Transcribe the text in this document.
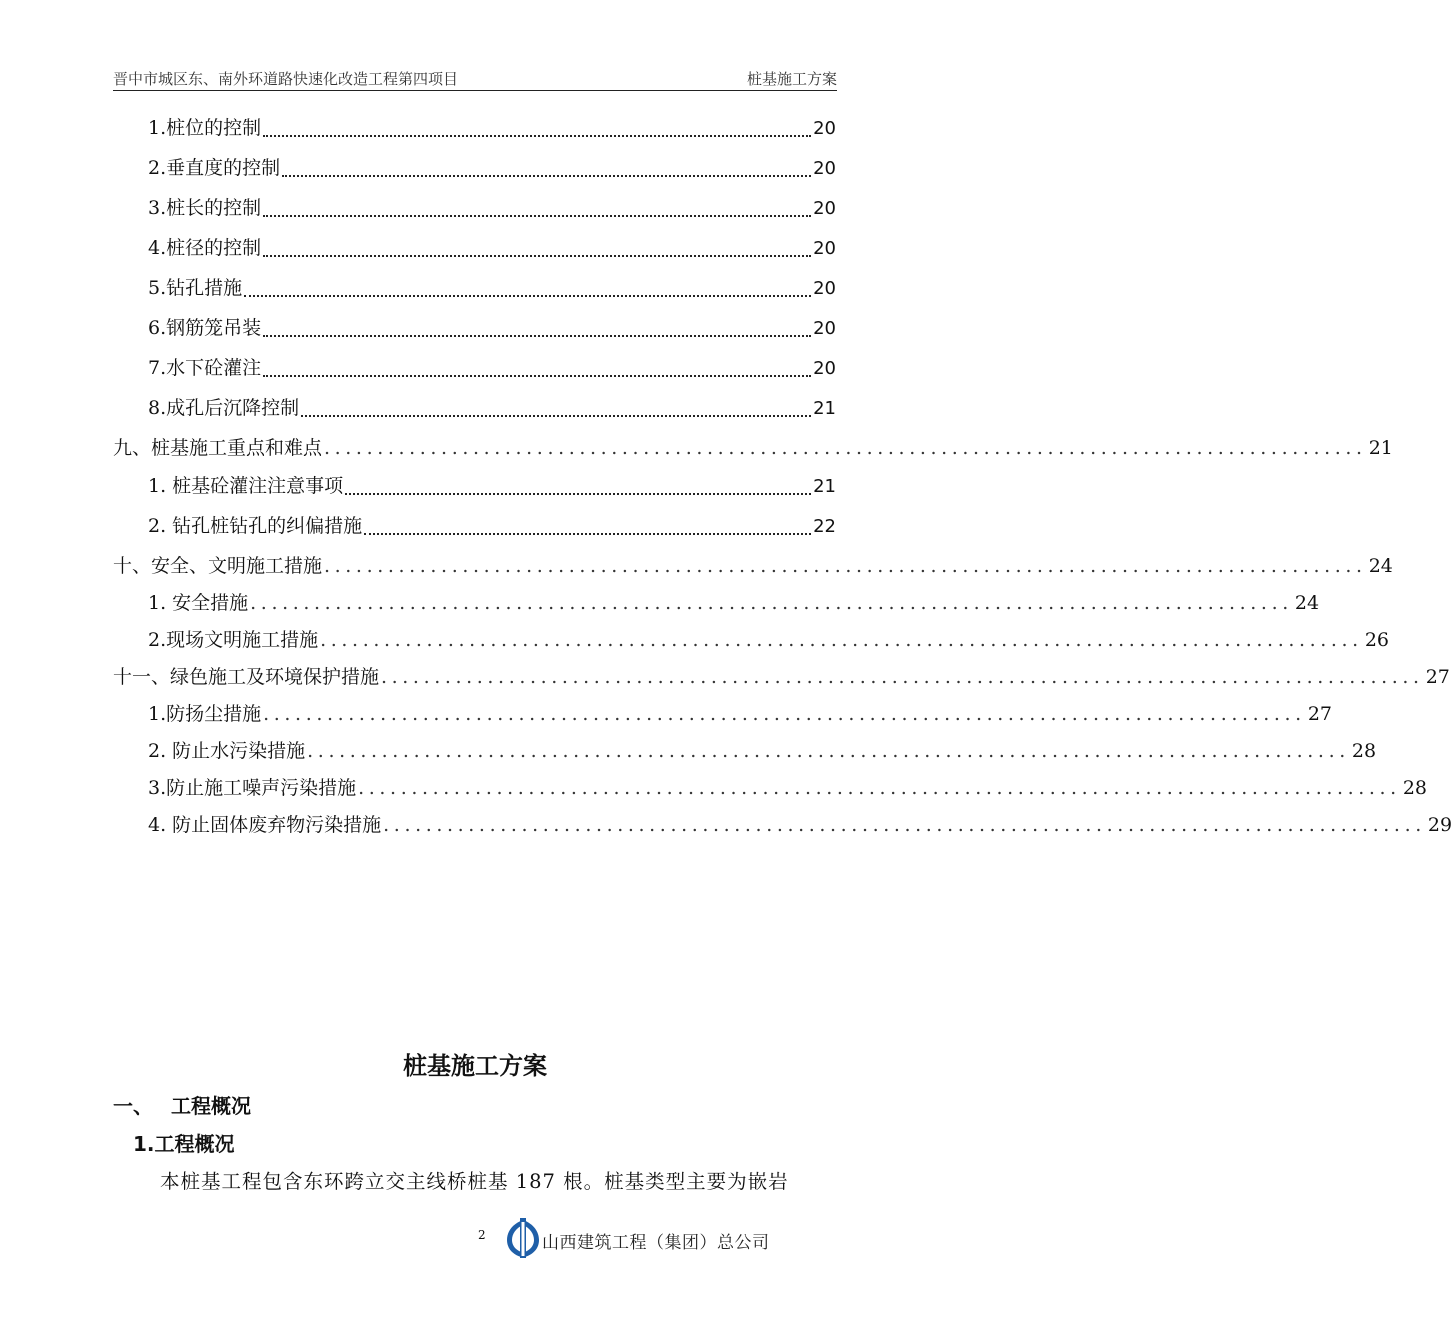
晋中市城区东、南外环道路快速化改造工程第四项目	桩基施工方案
1.桩位的控制	20
2.垂直度的控制	20
3.桩长的控制	20
4.桩径的控制	20
5.钻孔措施	20
6.钢筋笼吊装	20
7.水下砼灌注	20
8.成孔后沉降控制	21
九、桩基施工重点和难点 .................................................................................................. 21
1. 桩基砼灌注注意事项	21
2. 钻孔桩钻孔的纠偏措施	22
十、安全、文明施工措施 .................................................................................................. 24
1. 安全措施 .................................................................................................. 24
2.现场文明施工措施 .................................................................................................. 26
十一、绿色施工及环境保护措施 .................................................................................................. 27
1.防扬尘措施 .................................................................................................. 27
2. 防止水污染措施 .................................................................................................. 28
3.防止施工噪声污染措施 .................................................................................................. 28
4. 防止固体废弃物污染措施 .................................................................................................. 29
桩基施工方案
一、 工程概况
1.工程概况
本桩基工程包含东环跨立交主线桥桩基 187 根。桩基类型主要为嵌岩
2	山西建筑工程（集团）总公司
